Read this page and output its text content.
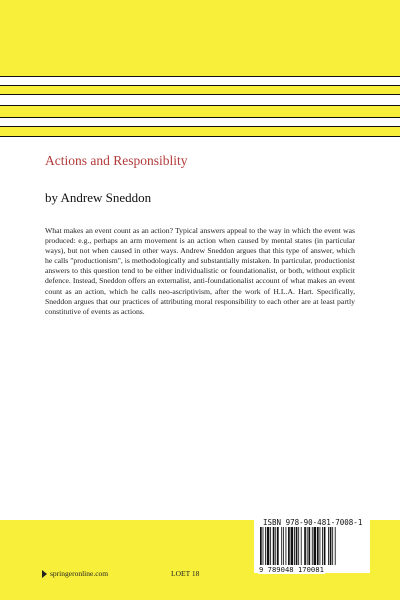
Actions and Responsiblity
by Andrew Sneddon

What makes an event count as an action? Typical answers appeal to the way in which the event was produced: e.g., perhaps an arm movement is an action when caused by mental states (in particular ways), but not when caused in other ways. Andrew Sneddon argues that this type of answer, which he calls "productionism", is methodologically and substantially mistaken. In particular, productionist answers to this question tend to be either individualistic or foundationalist, or both, without explicit defence. Instead, Sneddon offers an externalist, anti-foundationalist account of what makes an event count as an action, which he calls neo-ascriptivism, after the work of H.L.A. Hart. Specifically, Sneddon argues that our practices of attributing moral responsibility to each other are at least partly constitutive of events as actions.

springeronline.com	LOET 18
ISBN 978-90-481-7008-1
9 789048 170081
